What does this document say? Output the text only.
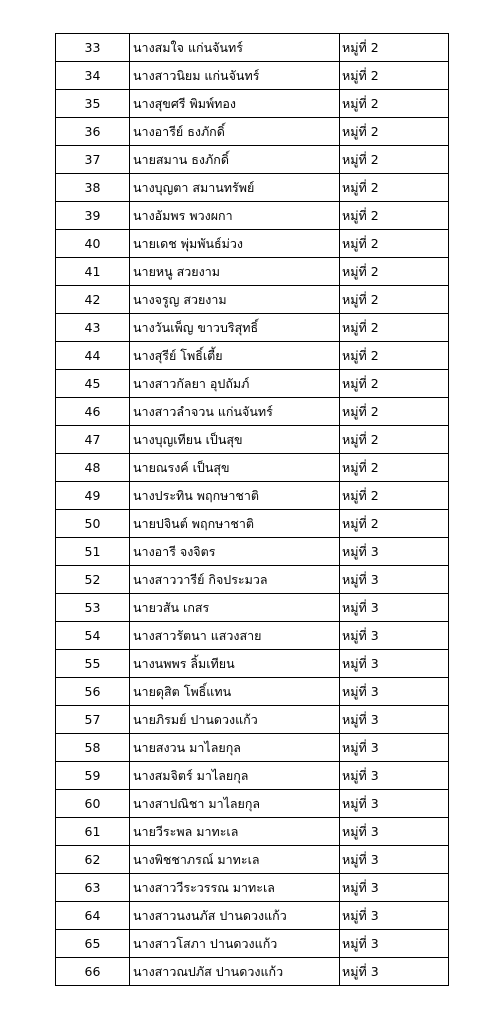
33	นางสมใจ แก่นจันทร์	หมู่ที่ 2
34	นางสาวนิยม แก่นจันทร์	หมู่ที่ 2
35	นางสุขศรี พิมพ์ทอง	หมู่ที่ 2
36	นางอารีย์ ธงภักดิ์	หมู่ที่ 2
37	นายสมาน ธงภักดิ์	หมู่ที่ 2
38	นางบุญตา สมานทรัพย์	หมู่ที่ 2
39	นางอัมพร พวงผกา	หมู่ที่ 2
40	นายเดช พุ่มพันธ์ม่วง	หมู่ที่ 2
41	นายหนู สวยงาม	หมู่ที่ 2
42	นางจรูญ สวยงาม	หมู่ที่ 2
43	นางวันเพ็ญ ขาวบริสุทธิ์	หมู่ที่ 2
44	นางสุรีย์ โพธิ์เตี้ย	หมู่ที่ 2
45	นางสาวกัลยา อุปถัมภ์	หมู่ที่ 2
46	นางสาวลำจวน แก่นจันทร์	หมู่ที่ 2
47	นางบุญเทียน เป็นสุข	หมู่ที่ 2
48	นายณรงค์ เป็นสุข	หมู่ที่ 2
49	นางประทิน พฤกษาชาติ	หมู่ที่ 2
50	นายปจินต์ พฤกษาชาติ	หมู่ที่ 2
51	นางอารี จงจิตร	หมู่ที่ 3
52	นางสาววารีย์ กิจประมวล	หมู่ที่ 3
53	นายวสัน เกสร	หมู่ที่ 3
54	นางสาวรัตนา แสวงสาย	หมู่ที่ 3
55	นางนพพร ลิ้มเทียน	หมู่ที่ 3
56	นายดุสิต โพธิ์แทน	หมู่ที่ 3
57	นายภิรมย์ ปานดวงแก้ว	หมู่ที่ 3
58	นายสงวน มาไลยกุล	หมู่ที่ 3
59	นางสมจิตร์ มาไลยกุล	หมู่ที่ 3
60	นางสาปณิชา มาไลยกุล	หมู่ที่ 3
61	นายวีระพล มาทะเล	หมู่ที่ 3
62	นางพิชชาภรณ์ มาทะเล	หมู่ที่ 3
63	นางสาววีระวรรณ มาทะเล	หมู่ที่ 3
64	นางสาวนงนภัส ปานดวงแก้ว	หมู่ที่ 3
65	นางสาวโสภา ปานดวงแก้ว	หมู่ที่ 3
66	นางสาวณปภัส ปานดวงแก้ว	หมู่ที่ 3
